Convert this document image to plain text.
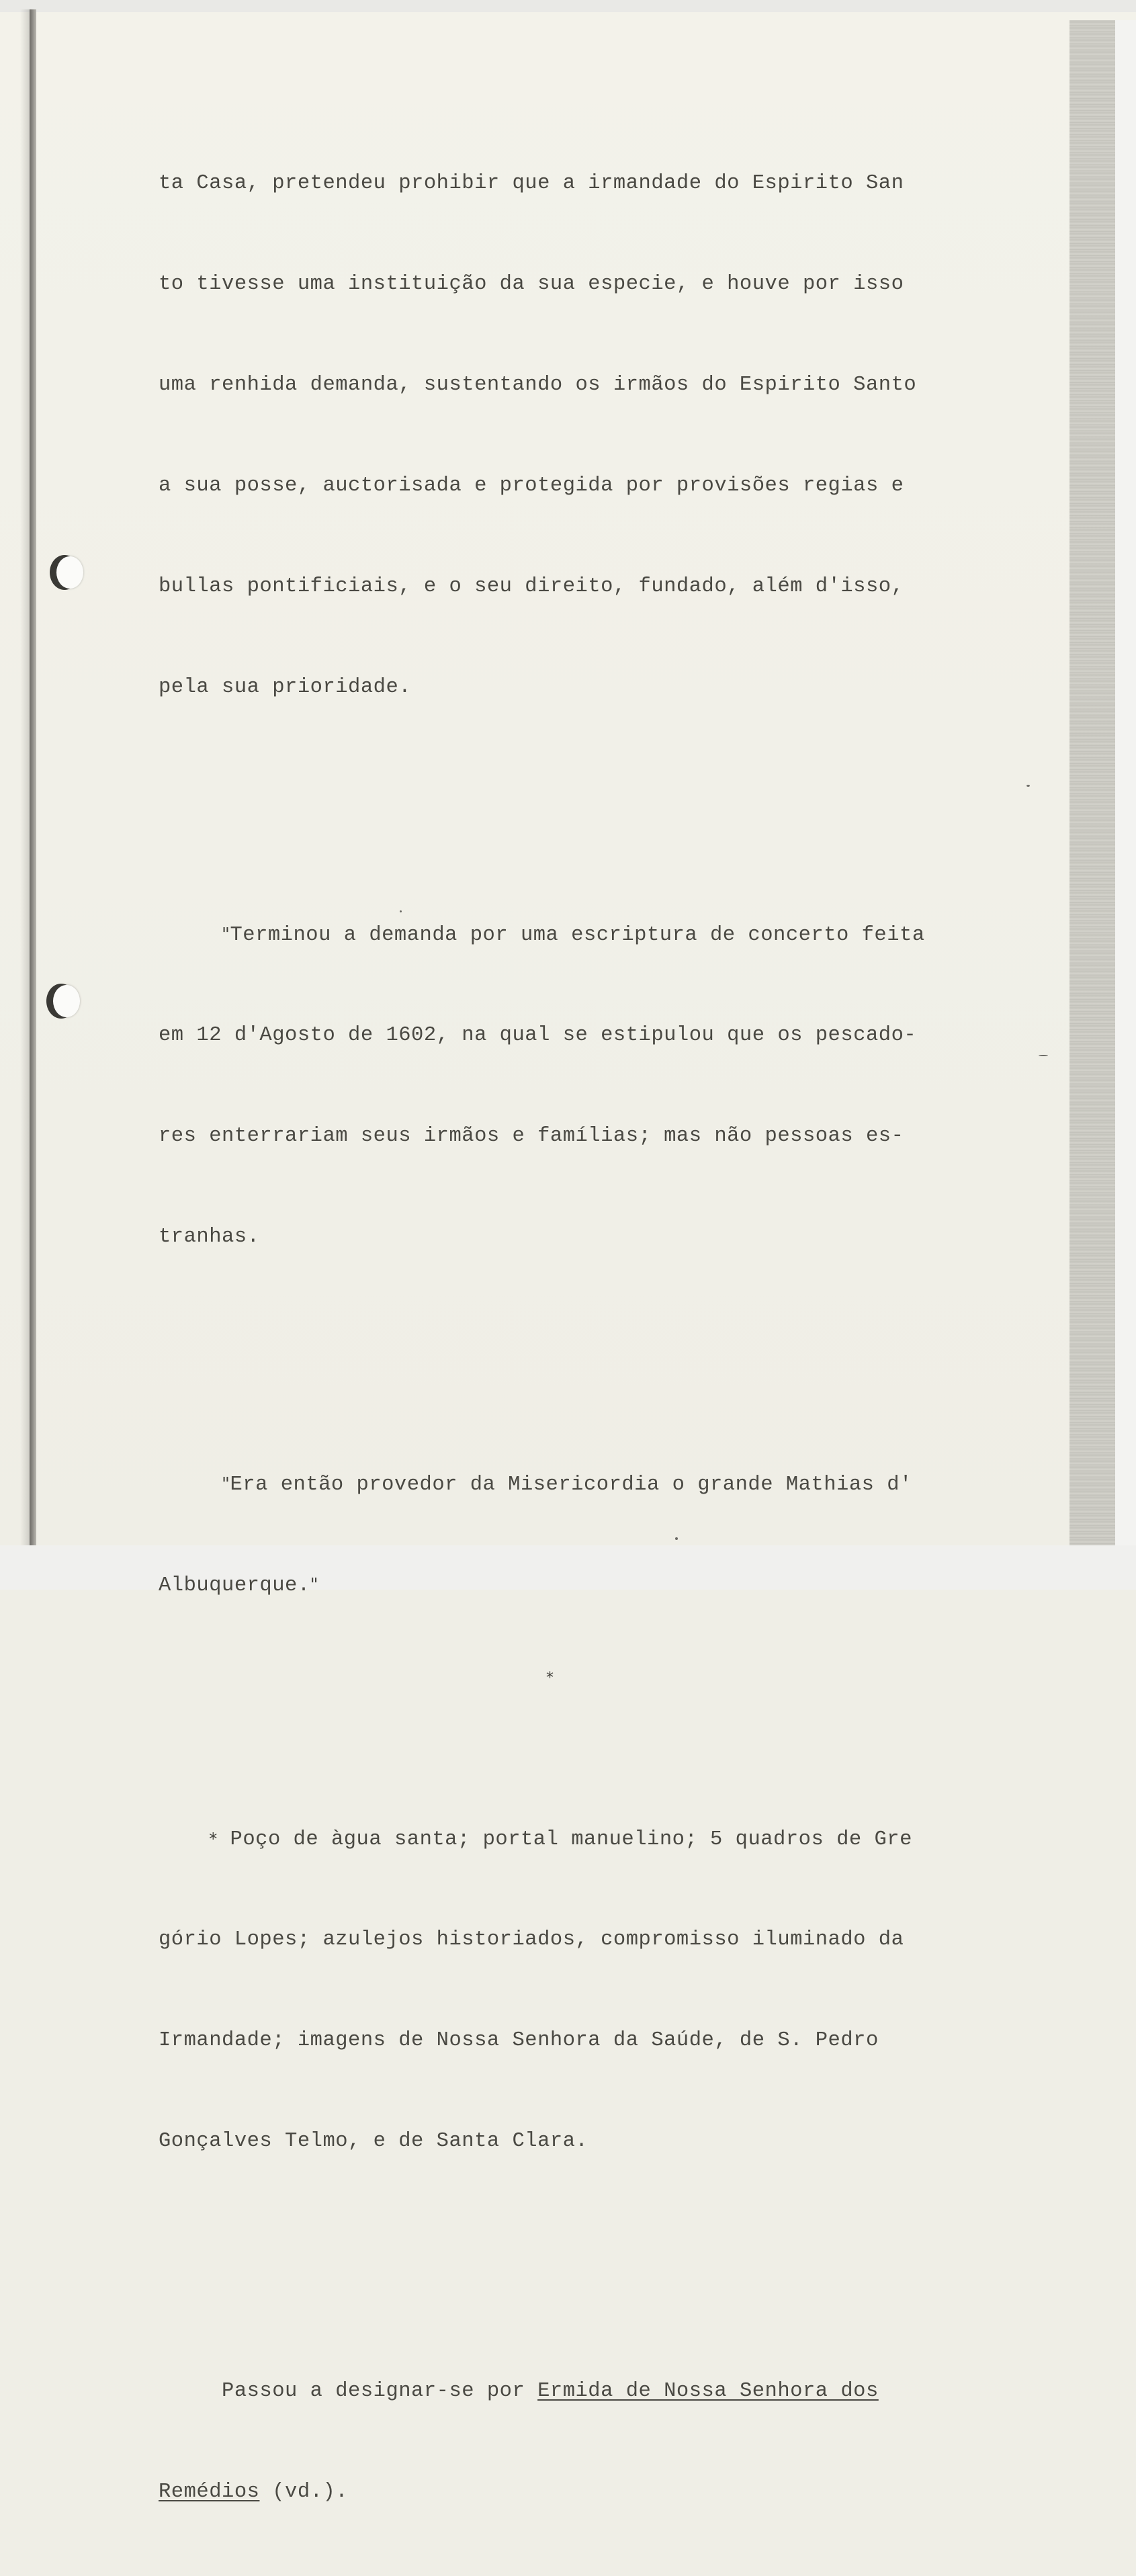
ta Casa, pretendeu prohibir que a irmandade do Espirito San

to tivesse uma instituição da sua especie, e houve por isso

uma renhida demanda, sustentando os irmãos do Espirito Santo

a sua posse, auctorisada e protegida por provisões regias e

bullas pontificiais, e o seu direito, fundado, além d'isso,

pela sua prioridade.

"Terminou a demanda por uma escriptura de concerto feita

em 12 d'Agosto de 1602, na qual se estipulou que os pescado-

res enterrariam seus irmãos e famílias; mas não pessoas es-

tranhas.

"Era então provedor da Misericordia o grande Mathias d'

Albuquerque."

*

* Poço de àgua santa; portal manuelino; 5 quadros de Gre

gório Lopes; azulejos historiados, compromisso iluminado da

Irmandade; imagens de Nossa Senhora da Saúde, de S. Pedro

Gonçalves Telmo, e de Santa Clara.

Passou a designar-se por Ermida de Nossa Senhora dos

Remédios (vd.).
